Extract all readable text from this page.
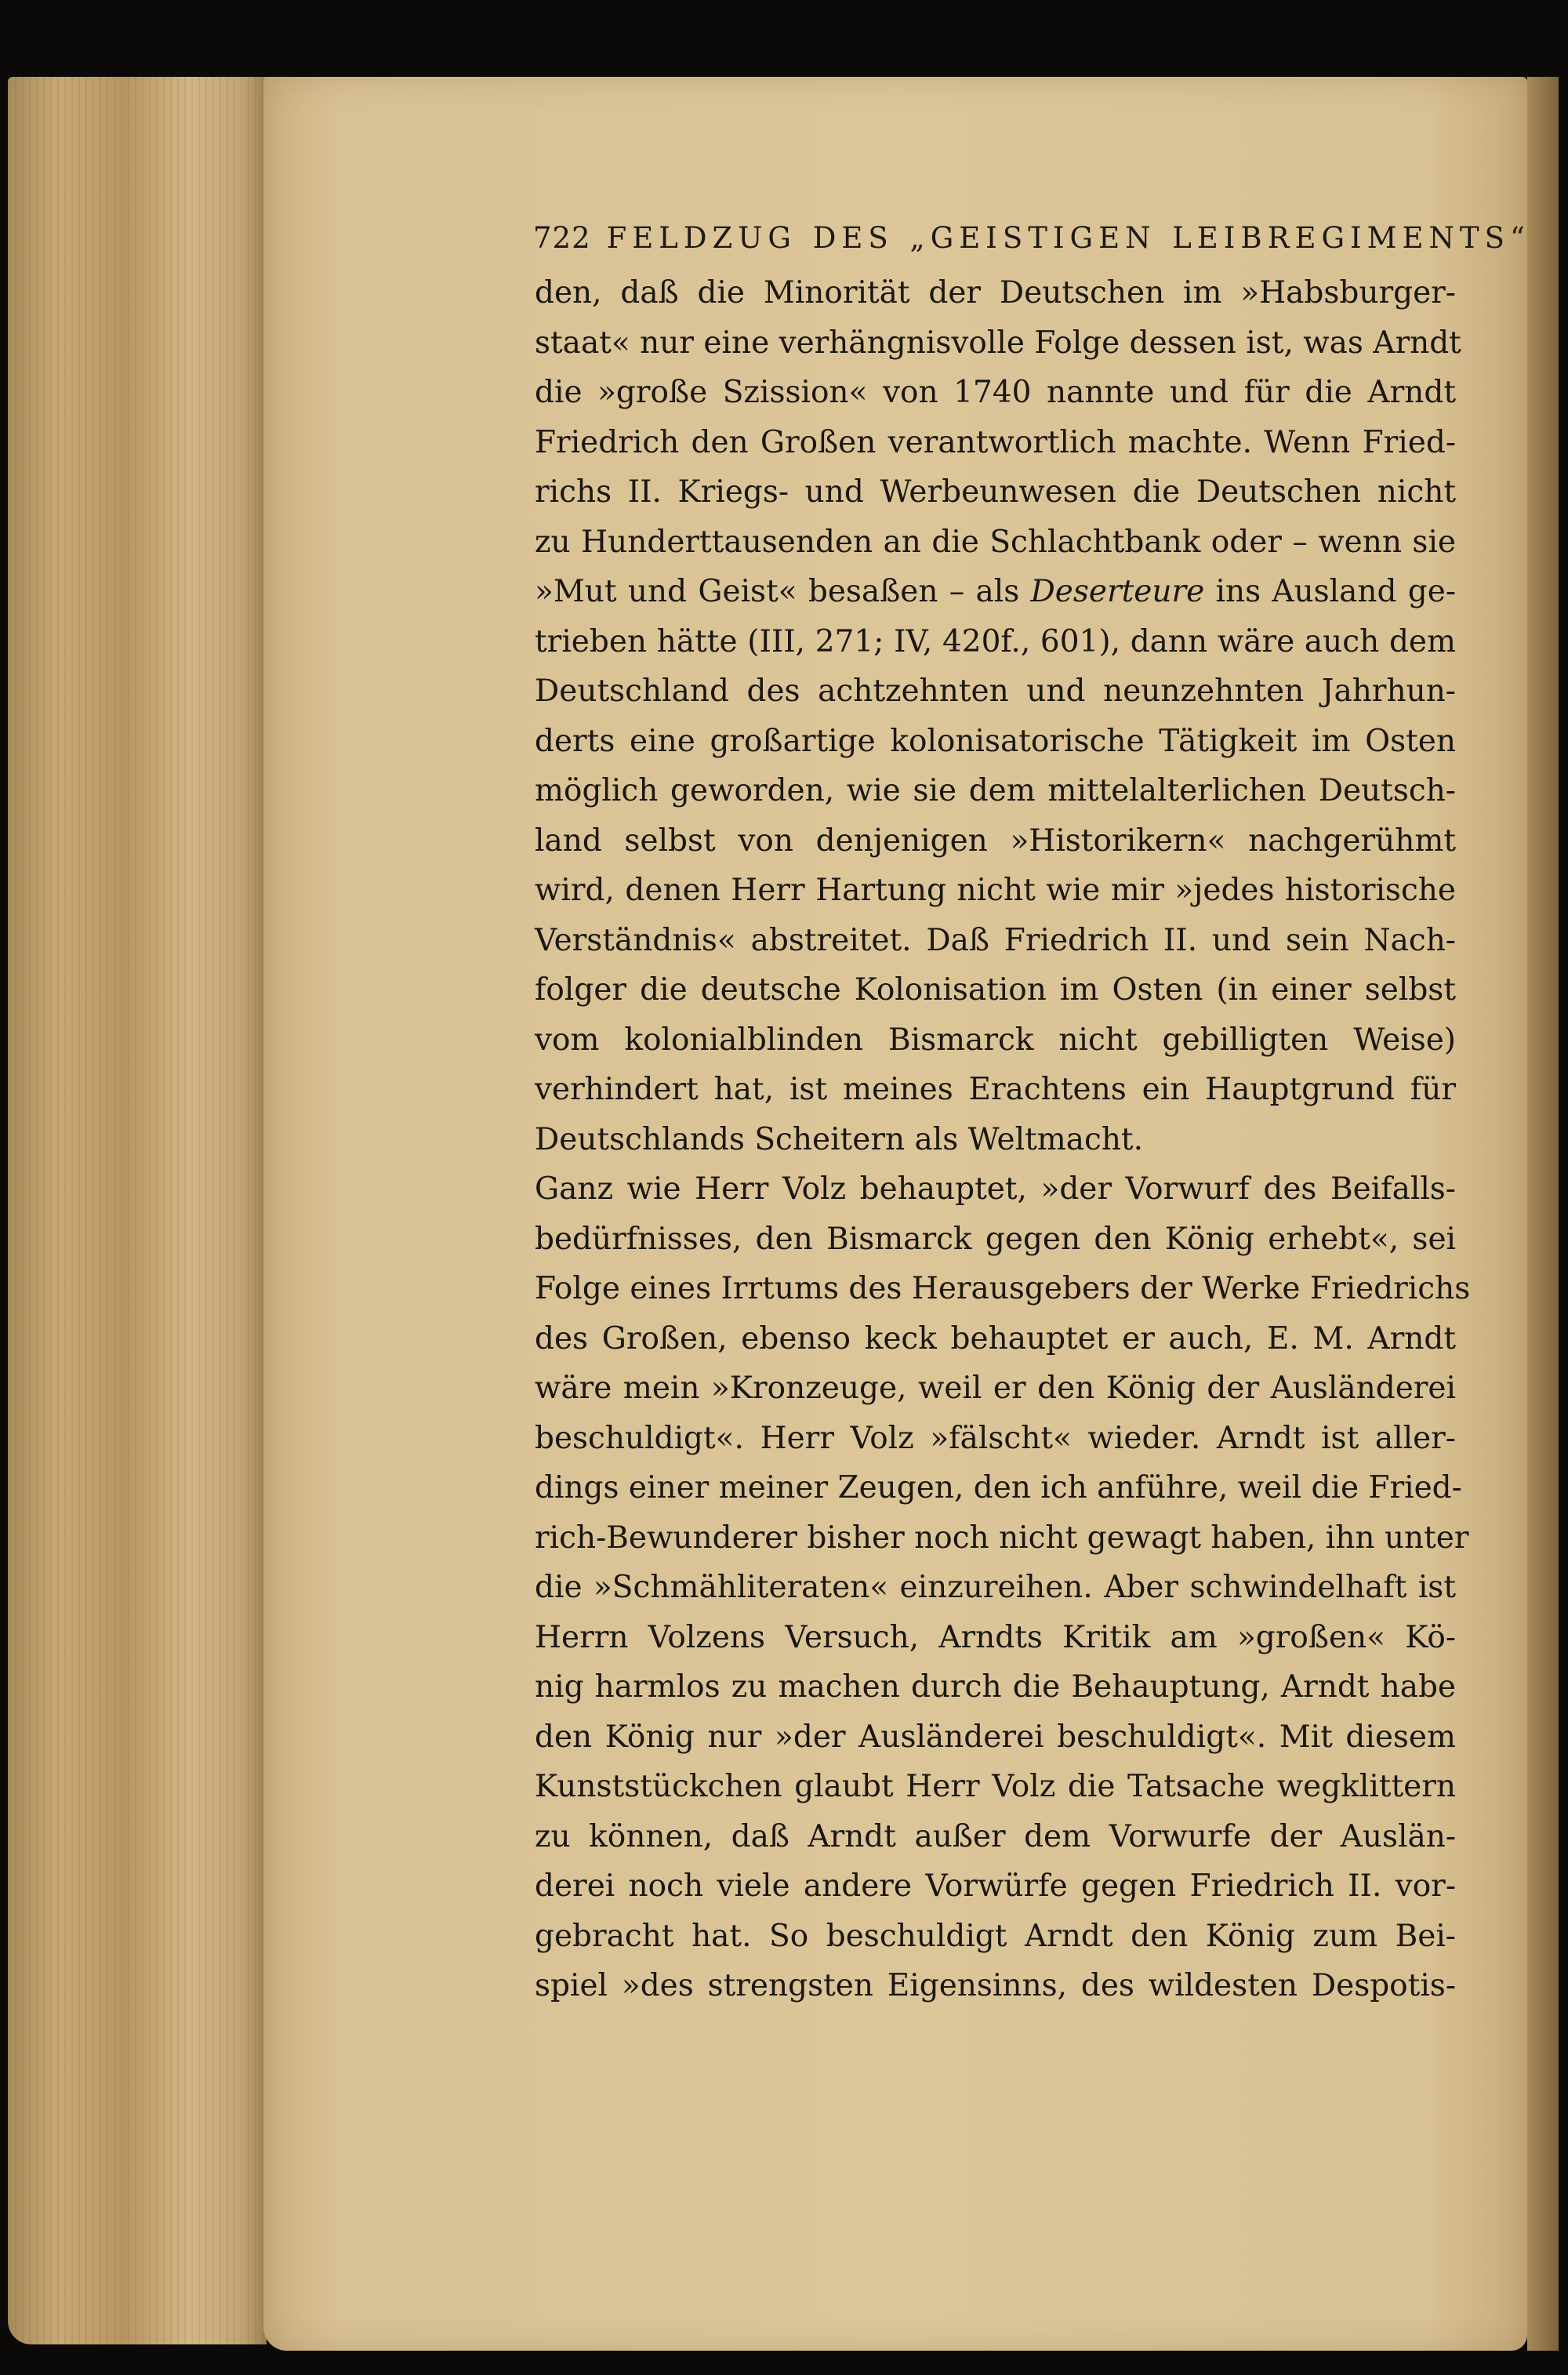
722 FELDZUG DES „GEISTIGEN LEIBREGIMENTS“
den, daß die Minorität der Deutschen im »Habsburger-
staat« nur eine verhängnisvolle Folge dessen ist, was Arndt
die »große Szission« von 1740 nannte und für die Arndt
Friedrich den Großen verantwortlich machte. Wenn Fried-
richs II. Kriegs- und Werbeunwesen die Deutschen nicht
zu Hunderttausenden an die Schlachtbank oder – wenn sie
»Mut und Geist« besaßen – als Deserteure ins Ausland ge-
trieben hätte (III, 271; IV, 420f., 601), dann wäre auch dem
Deutschland des achtzehnten und neunzehnten Jahrhun-
derts eine großartige kolonisatorische Tätigkeit im Osten
möglich geworden, wie sie dem mittelalterlichen Deutsch-
land selbst von denjenigen »Historikern« nachgerühmt
wird, denen Herr Hartung nicht wie mir »jedes historische
Verständnis« abstreitet. Daß Friedrich II. und sein Nach-
folger die deutsche Kolonisation im Osten (in einer selbst
vom kolonialblinden Bismarck nicht gebilligten Weise)
verhindert hat, ist meines Erachtens ein Hauptgrund für
Deutschlands Scheitern als Weltmacht.
Ganz wie Herr Volz behauptet, »der Vorwurf des Beifalls-
bedürfnisses, den Bismarck gegen den König erhebt«, sei
Folge eines Irrtums des Herausgebers der Werke Friedrichs
des Großen, ebenso keck behauptet er auch, E. M. Arndt
wäre mein »Kronzeuge, weil er den König der Ausländerei
beschuldigt«. Herr Volz »fälscht« wieder. Arndt ist aller-
dings einer meiner Zeugen, den ich anführe, weil die Fried-
rich-Bewunderer bisher noch nicht gewagt haben, ihn unter
die »Schmähliteraten« einzureihen. Aber schwindelhaft ist
Herrn Volzens Versuch, Arndts Kritik am »großen« Kö-
nig harmlos zu machen durch die Behauptung, Arndt habe
den König nur »der Ausländerei beschuldigt«. Mit diesem
Kunststückchen glaubt Herr Volz die Tatsache wegklittern
zu können, daß Arndt außer dem Vorwurfe der Auslän-
derei noch viele andere Vorwürfe gegen Friedrich II. vor-
gebracht hat. So beschuldigt Arndt den König zum Bei-
spiel »des strengsten Eigensinns, des wildesten Despotis-
